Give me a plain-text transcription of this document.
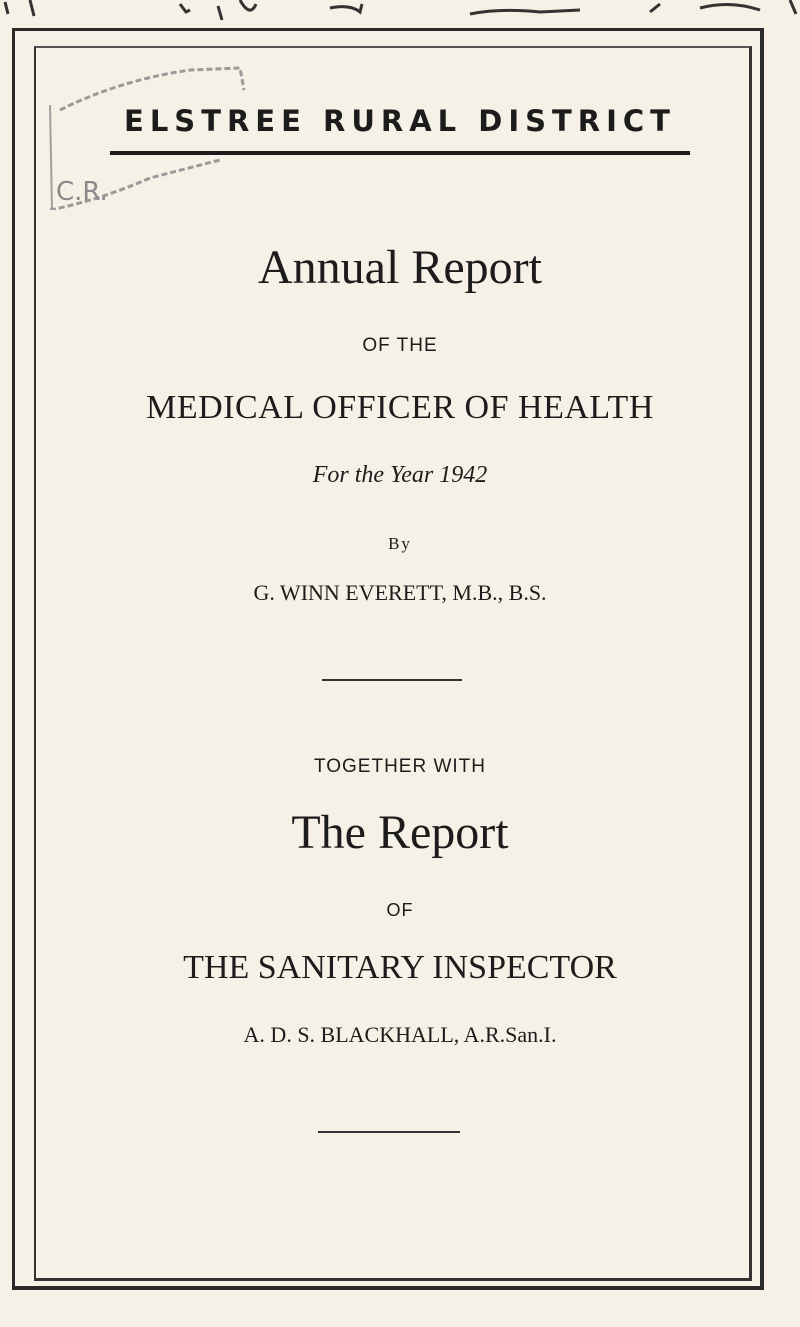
C.R.
ELSTREE RURAL DISTRICT
Annual Report
OF THE
MEDICAL OFFICER OF HEALTH
For the Year 1942
By
G. WINN EVERETT, M.B., B.S.
TOGETHER WITH
The Report
OF
THE SANITARY INSPECTOR
A. D. S. BLACKHALL, A.R.San.I.
